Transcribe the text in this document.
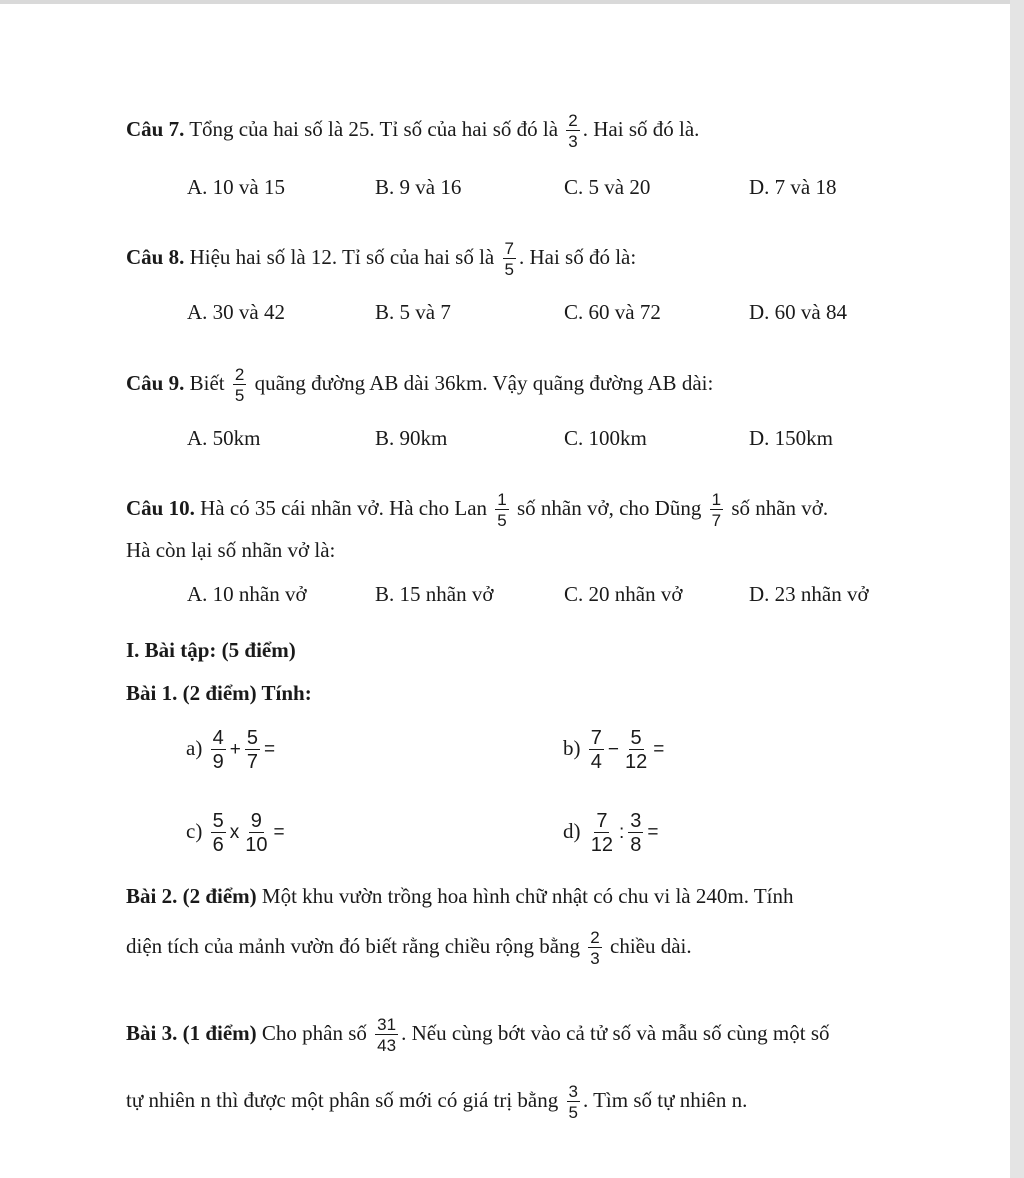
Câu 7. Tổng của hai số là 25. Tỉ số của hai số đó là $\frac{2}{3}$ . Hai số đó là.
A. 10 và 15	B. 9 và 16	C. 5 và 20	D. 7 và 18
Câu 8. Hiệu hai số là 12. Tỉ số của hai số là $\frac{7}{5}$ . Hai số đó là:
A. 30 và 42	B. 5 và 7	C. 60 và 72	D. 60 và 84
Câu 9. Biết $\frac{2}{5}$ quãng đường AB dài 36km. Vậy quãng đường AB dài:
A. 50km	B. 90km	C. 100km	D. 150km
Câu 10. Hà có 35 cái nhãn vở. Hà cho Lan $\frac{1}{5}$ số nhãn vở, cho Dũng $\frac{1}{7}$ số nhãn vở.
Hà còn lại số nhãn vở là:
A. 10 nhãn vở	B. 15 nhãn vở	C. 20 nhãn vở	D. 23 nhãn vở
I. Bài tập: (5 điểm)
Bài 1. (2 điểm) Tính:
$a) \frac{4}{9} + \frac{5}{7}$ =	$b) \frac{7}{4} - \frac{5}{12}$ =
$c) \frac{5}{6}$ x $\frac{9}{10}$ =	$d) \frac{7}{12}$ : $\frac{3}{8}$ =
Bài 2. (2 điểm) Một khu vườn trồng hoa hình chữ nhật có chu vi là 240m. Tính
diện tích của mảnh vườn đó biết rằng chiều rộng bằng $\frac{2}{3}$ chiều dài.
Bài 3. (1 điểm) Cho phân số $\frac{31}{43}$ . Nếu cùng bớt vào cả tử số và mẫu số cùng một số
tự nhiên n thì được một phân số mới có giá trị bằng $\frac{3}{5}$ . Tìm số tự nhiên n.
